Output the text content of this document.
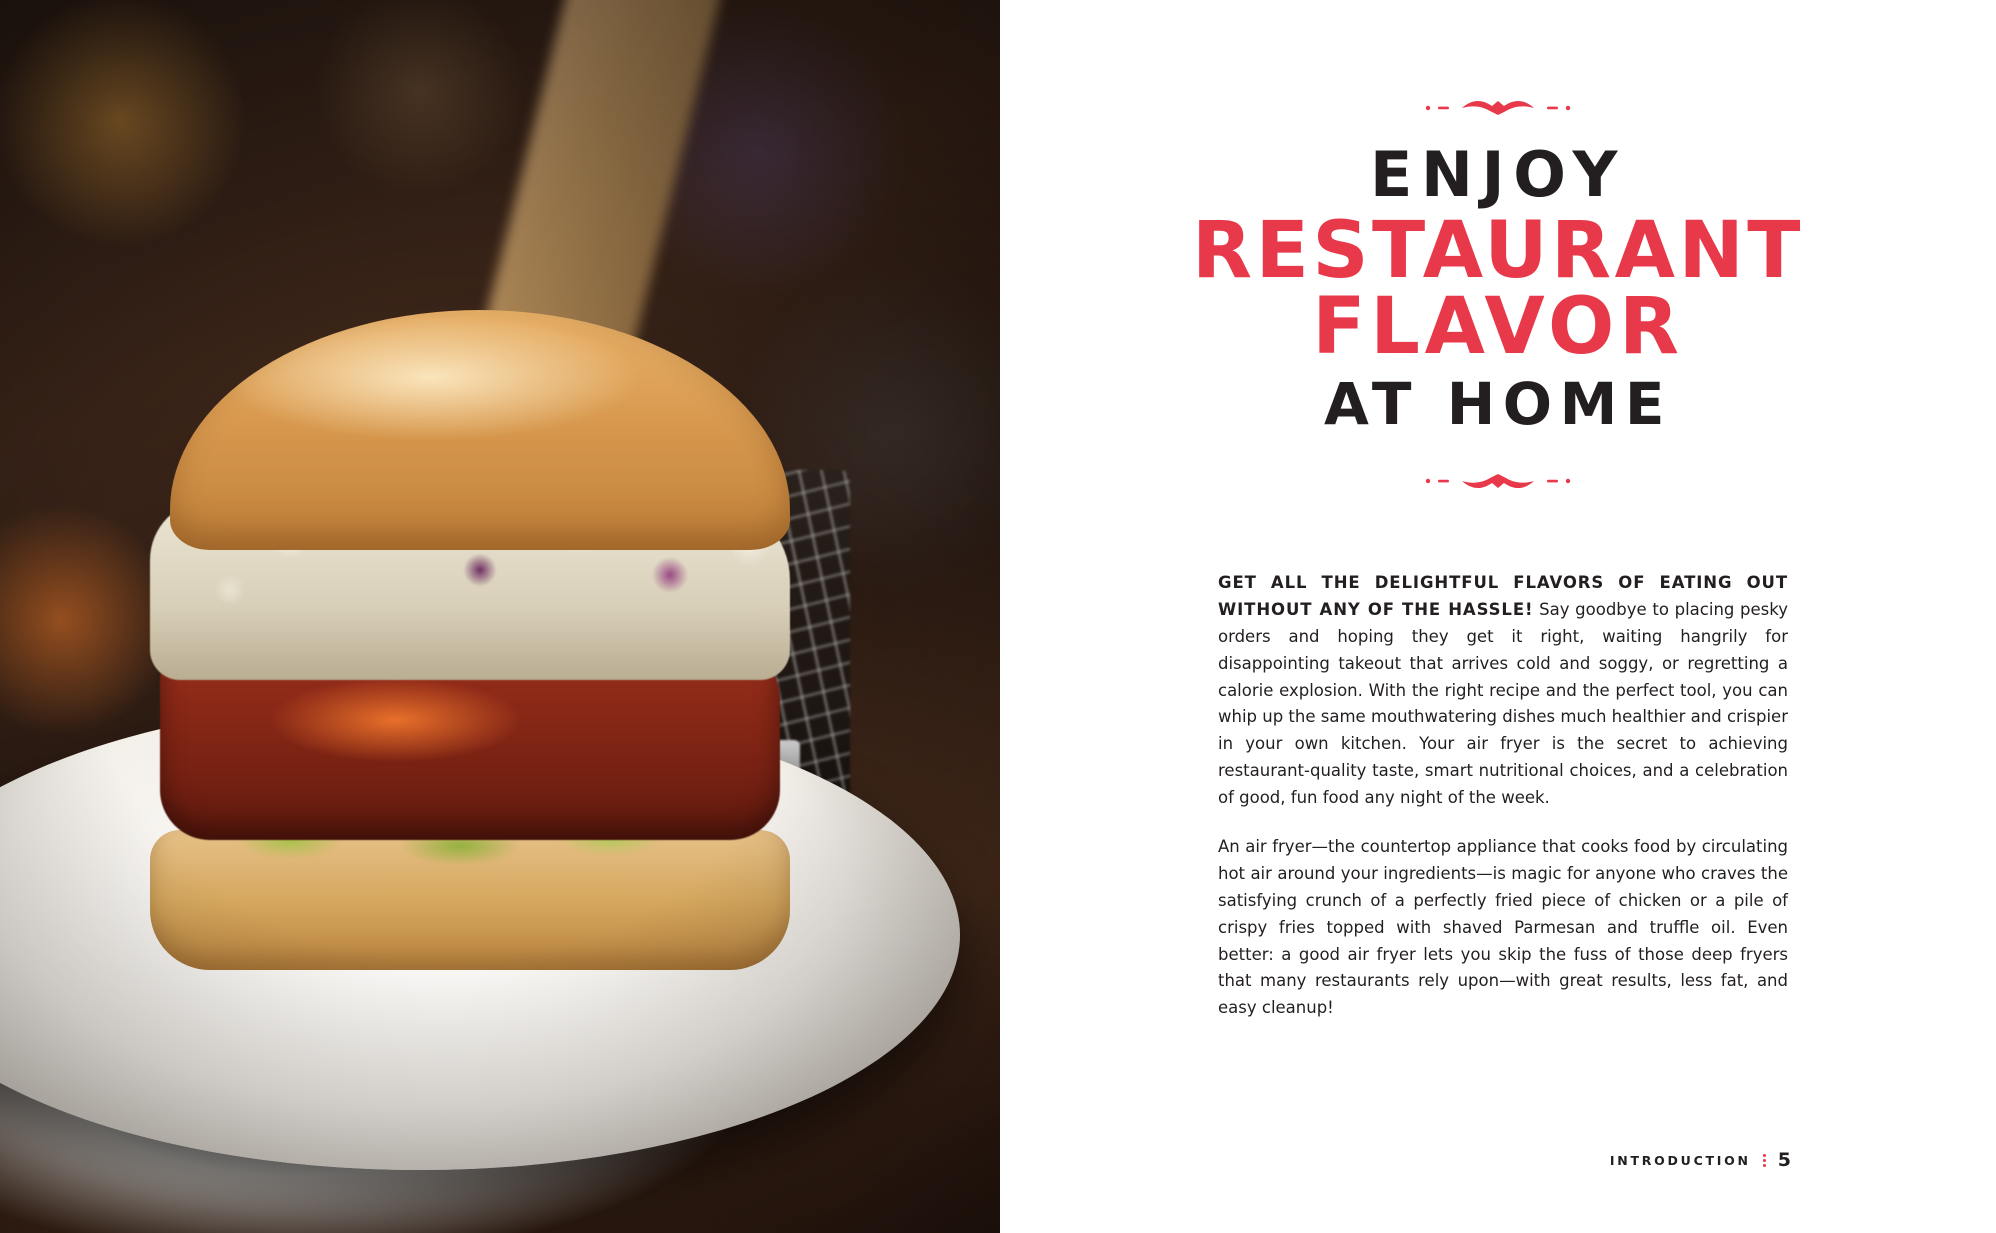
ENJOY
RESTAURANT
FLAVOR
AT HOME

GET ALL THE DELIGHTFUL FLAVORS OF EATING OUT WITHOUT ANY OF THE HASSLE! Say goodbye to placing pesky orders and hoping they get it right, waiting hangrily for disappointing takeout that arrives cold and soggy, or regretting a calorie explosion. With the right recipe and the perfect tool, you can whip up the same mouthwatering dishes much healthier and crispier in your own kitchen. Your air fryer is the secret to achieving restaurant-quality taste, smart nutritional choices, and a celebration of good, fun food any night of the week.

An air fryer—the countertop appliance that cooks food by circulating hot air around your ingredients—is magic for anyone who craves the satisfying crunch of a perfectly fried piece of chicken or a pile of crispy fries topped with shaved Parmesan and truffle oil. Even better: a good air fryer lets you skip the fuss of those deep fryers that many restaurants rely upon—with great results, less fat, and easy cleanup!

INTRODUCTION 5
